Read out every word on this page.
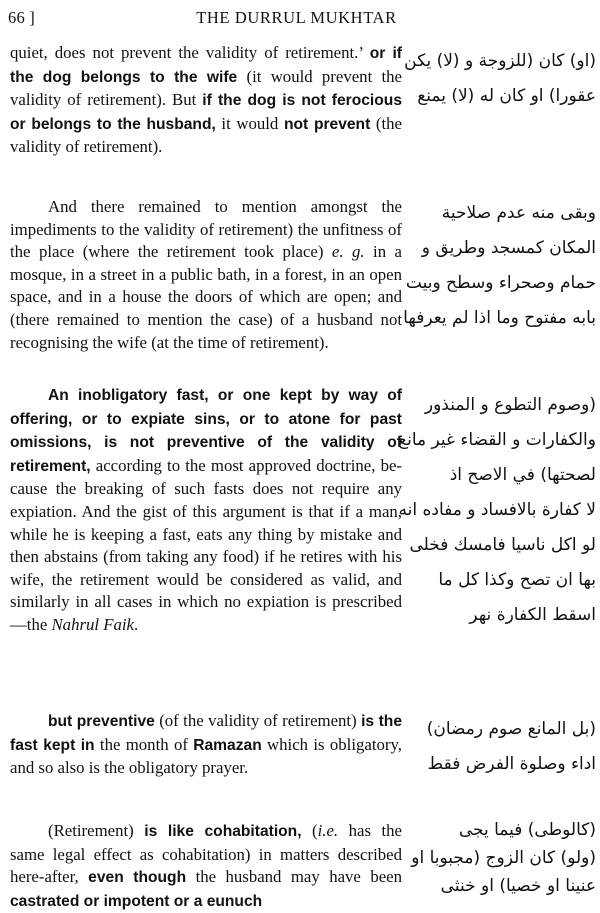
66 ]	THE DURRUL MUKHTAR

quiet, does not prevent the validity of retirement.’ or if the dog belongs to the wife (it would prevent the validity of retirement). But if the dog is not ferocious or belongs to the husband, it would not prevent (the validity of retirement).

(او) كان (للزوجة و (لا) يكن
عقورا) او كان له (لا) يمنع

And there remained to mention amongst the impediments to the validity of retirement) the unfitness of the place (where the retirement took place) e. g. in a mosque, in a street in a public bath, in a forest, in an open space, and in a house the doors of which are open; and (there remained to mention the case) of a husband not recognising the wife (at the time of retirement).

وبقى منه عدم صلاحية
المكان كمسجد وطريق و
حمام وصحراء وسطح وبيت
بابه مفتوح وما اذا لم يعرفها

An inobligatory fast, or one kept by way of offering, or to expiate sins, or to atone for past omissions, is not preventive of the validity of retirement, according to the most approved doctrine, because the breaking of such fasts does not require any expiation. And the gist of this argument is that if a man, while he is keeping a fast, eats any thing by mistake and then abstains (from taking any food) if he retires with his wife, the retirement would be considered as valid, and similarly in all cases in which no expiation is prescribed—the Nahrul Faik.

(وصوم التطوع و المنذور
والكفارات و القضاء غير مانع
لصحتها) في الاصح اذ
لا كفارة بالافساد و مفاده انه
لو اكل ناسيا فامسك فخلى
بها ان تصح وكذا كل ما
اسقط الكفارة نهر

but preventive (of the validity of retirement) is the fast kept in the month of Ramazan which is obligatory, and so also is the obligatory prayer.

(بل المانع صوم رمضان)
اداء وصلوة الفرض فقط

(Retirement) is like cohabitation, (i.e. has the same legal effect as cohabitation) in matters described here-after, even though the husband may have been castrated or impotent or a eunuch

(كالوطى) فيما يجى
(ولو) كان الزوج (مجبوبا او
عنينا او خصيا) او خنثى
